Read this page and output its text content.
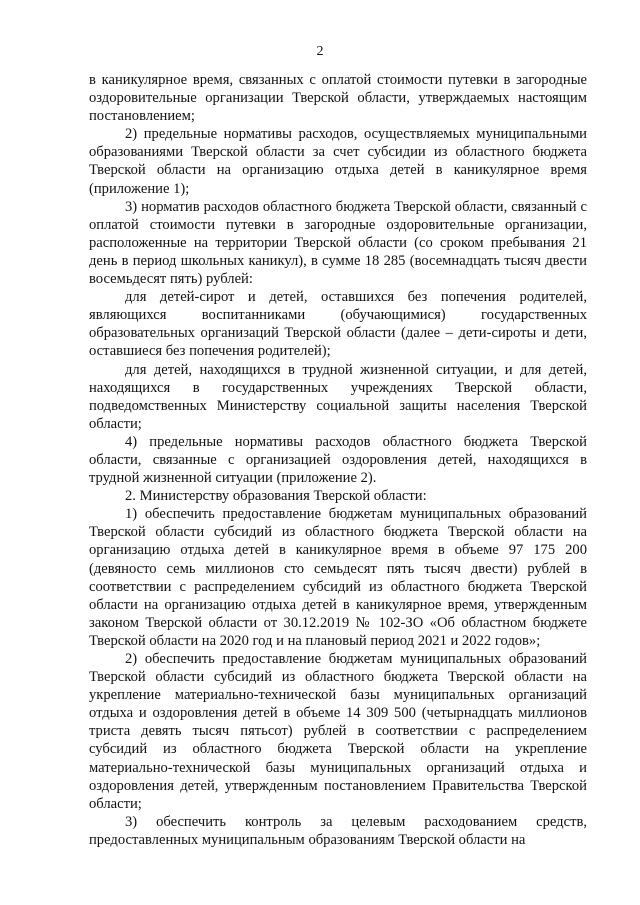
2

в каникулярное время, связанных с оплатой стоимости путевки в загородные оздоровительные организации Тверской области, утверждаемых настоящим постановлением;

2) предельные нормативы расходов, осуществляемых муниципальными образованиями Тверской области за счет субсидии из областного бюджета Тверской области на организацию отдыха детей в каникулярное время (приложение 1);

3) норматив расходов областного бюджета Тверской области, связанный с оплатой стоимости путевки в загородные оздоровительные организации, расположенные на территории Тверской области (со сроком пребывания 21 день в период школьных каникул), в сумме 18 285 (восемнадцать тысяч двести восемьдесят пять) рублей:

для детей-сирот и детей, оставшихся без попечения родителей, являющихся воспитанниками (обучающимися) государственных образовательных организаций Тверской области (далее – дети-сироты и дети, оставшиеся без попечения родителей);

для детей, находящихся в трудной жизненной ситуации, и для детей, находящихся в государственных учреждениях Тверской области, подведомственных Министерству социальной защиты населения Тверской области;

4) предельные нормативы расходов областного бюджета Тверской области, связанные с организацией оздоровления детей, находящихся в трудной жизненной ситуации (приложение 2).

2. Министерству образования Тверской области:

1) обеспечить предоставление бюджетам муниципальных образований Тверской области субсидий из областного бюджета Тверской области на организацию отдыха детей в каникулярное время в объеме 97 175 200 (девяносто семь миллионов сто семьдесят пять тысяч двести) рублей в соответствии с распределением субсидий из областного бюджета Тверской области на организацию отдыха детей в каникулярное время, утвержденным законом Тверской области от 30.12.2019 № 102-ЗО «Об областном бюджете Тверской области на 2020 год и на плановый период 2021 и 2022 годов»;

2) обеспечить предоставление бюджетам муниципальных образований Тверской области субсидий из областного бюджета Тверской области на укрепление материально-технической базы муниципальных организаций отдыха и оздоровления детей в объеме 14 309 500 (четырнадцать миллионов триста девять тысяч пятьсот) рублей в соответствии с распределением субсидий из областного бюджета Тверской области на укрепление материально-технической базы муниципальных организаций отдыха и оздоровления детей, утвержденным постановлением Правительства Тверской области;

3) обеспечить контроль за целевым расходованием средств, предоставленных муниципальным образованиям Тверской области на
